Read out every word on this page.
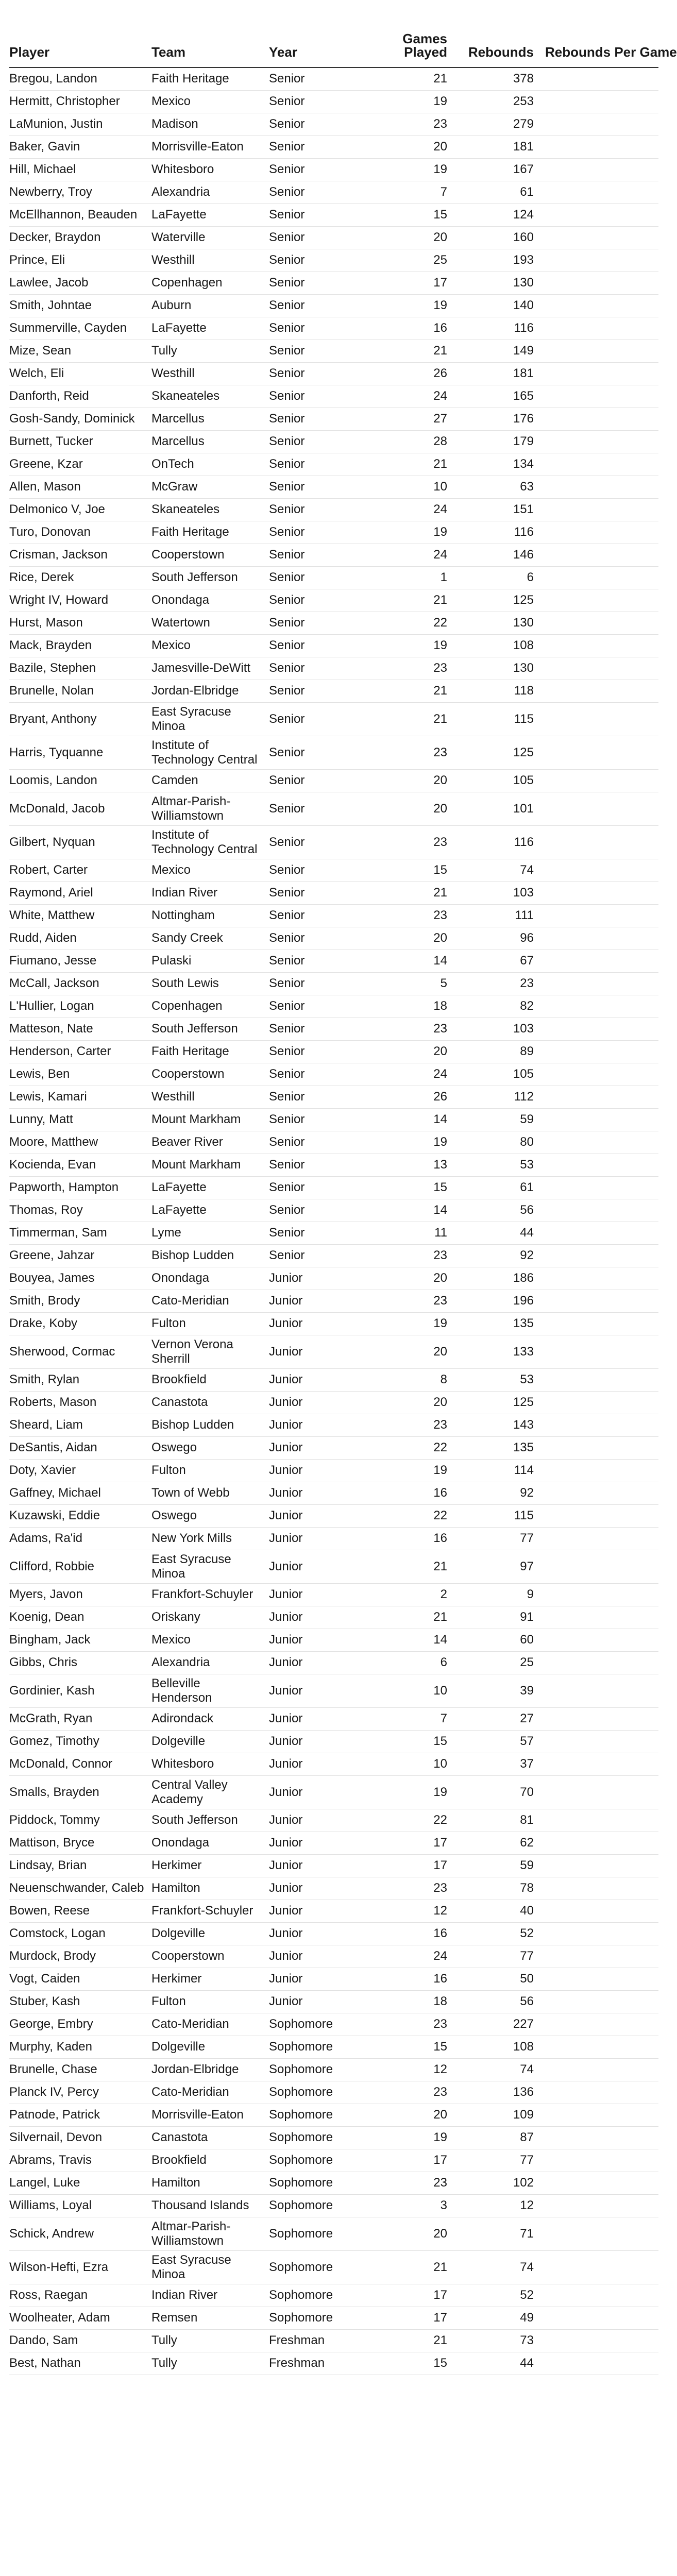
Player	Team	Year	Games Played	Rebounds	Rebounds Per Game
Bregou, Landon	Faith Heritage	Senior	21	378	
Hermitt, Christopher	Mexico	Senior	19	253	
LaMunion, Justin	Madison	Senior	23	279	
Baker, Gavin	Morrisville-Eaton	Senior	20	181	
Hill, Michael	Whitesboro	Senior	19	167	
Newberry, Troy	Alexandria	Senior	7	61	
McEllhannon, Beauden	LaFayette	Senior	15	124	
Decker, Braydon	Waterville	Senior	20	160	
Prince, Eli	Westhill	Senior	25	193	
Lawlee, Jacob	Copenhagen	Senior	17	130	
Smith, Johntae	Auburn	Senior	19	140	
Summerville, Cayden	LaFayette	Senior	16	116	
Mize, Sean	Tully	Senior	21	149	
Welch, Eli	Westhill	Senior	26	181	
Danforth, Reid	Skaneateles	Senior	24	165	
Gosh-Sandy, Dominick	Marcellus	Senior	27	176	
Burnett, Tucker	Marcellus	Senior	28	179	
Greene, Kzar	OnTech	Senior	21	134	
Allen, Mason	McGraw	Senior	10	63	
Delmonico V, Joe	Skaneateles	Senior	24	151	
Turo, Donovan	Faith Heritage	Senior	19	116	
Crisman, Jackson	Cooperstown	Senior	24	146	
Rice, Derek	South Jefferson	Senior	1	6	
Wright IV, Howard	Onondaga	Senior	21	125	
Hurst, Mason	Watertown	Senior	22	130	
Mack, Brayden	Mexico	Senior	19	108	
Bazile, Stephen	Jamesville-DeWitt	Senior	23	130	
Brunelle, Nolan	Jordan-Elbridge	Senior	21	118	
Bryant, Anthony	East Syracuse Minoa	Senior	21	115	
Harris, Tyquanne	Institute of Technology Central	Senior	23	125	
Loomis, Landon	Camden	Senior	20	105	
McDonald, Jacob	Altmar-Parish-Williamstown	Senior	20	101	
Gilbert, Nyquan	Institute of Technology Central	Senior	23	116	
Robert, Carter	Mexico	Senior	15	74	
Raymond, Ariel	Indian River	Senior	21	103	
White, Matthew	Nottingham	Senior	23	111	
Rudd, Aiden	Sandy Creek	Senior	20	96	
Fiumano, Jesse	Pulaski	Senior	14	67	
McCall, Jackson	South Lewis	Senior	5	23	
L'Hullier, Logan	Copenhagen	Senior	18	82	
Matteson, Nate	South Jefferson	Senior	23	103	
Henderson, Carter	Faith Heritage	Senior	20	89	
Lewis, Ben	Cooperstown	Senior	24	105	
Lewis, Kamari	Westhill	Senior	26	112	
Lunny, Matt	Mount Markham	Senior	14	59	
Moore, Matthew	Beaver River	Senior	19	80	
Kocienda, Evan	Mount Markham	Senior	13	53	
Papworth, Hampton	LaFayette	Senior	15	61	
Thomas, Roy	LaFayette	Senior	14	56	
Timmerman, Sam	Lyme	Senior	11	44	
Greene, Jahzar	Bishop Ludden	Senior	23	92	
Bouyea, James	Onondaga	Junior	20	186	
Smith, Brody	Cato-Meridian	Junior	23	196	
Drake, Koby	Fulton	Junior	19	135	
Sherwood, Cormac	Vernon Verona Sherrill	Junior	20	133	
Smith, Rylan	Brookfield	Junior	8	53	
Roberts, Mason	Canastota	Junior	20	125	
Sheard, Liam	Bishop Ludden	Junior	23	143	
DeSantis, Aidan	Oswego	Junior	22	135	
Doty, Xavier	Fulton	Junior	19	114	
Gaffney, Michael	Town of Webb	Junior	16	92	
Kuzawski, Eddie	Oswego	Junior	22	115	
Adams, Ra'id	New York Mills	Junior	16	77	
Clifford, Robbie	East Syracuse Minoa	Junior	21	97	
Myers, Javon	Frankfort-Schuyler	Junior	2	9	
Koenig, Dean	Oriskany	Junior	21	91	
Bingham, Jack	Mexico	Junior	14	60	
Gibbs, Chris	Alexandria	Junior	6	25	
Gordinier, Kash	Belleville Henderson	Junior	10	39	
McGrath, Ryan	Adirondack	Junior	7	27	
Gomez, Timothy	Dolgeville	Junior	15	57	
McDonald, Connor	Whitesboro	Junior	10	37	
Smalls, Brayden	Central Valley Academy	Junior	19	70	
Piddock, Tommy	South Jefferson	Junior	22	81	
Mattison, Bryce	Onondaga	Junior	17	62	
Lindsay, Brian	Herkimer	Junior	17	59	
Neuenschwander, Caleb	Hamilton	Junior	23	78	
Bowen, Reese	Frankfort-Schuyler	Junior	12	40	
Comstock, Logan	Dolgeville	Junior	16	52	
Murdock, Brody	Cooperstown	Junior	24	77	
Vogt, Caiden	Herkimer	Junior	16	50	
Stuber, Kash	Fulton	Junior	18	56	
George, Embry	Cato-Meridian	Sophomore	23	227	
Murphy, Kaden	Dolgeville	Sophomore	15	108	
Brunelle, Chase	Jordan-Elbridge	Sophomore	12	74	
Planck IV, Percy	Cato-Meridian	Sophomore	23	136	
Patnode, Patrick	Morrisville-Eaton	Sophomore	20	109	
Silvernail, Devon	Canastota	Sophomore	19	87	
Abrams, Travis	Brookfield	Sophomore	17	77	
Langel, Luke	Hamilton	Sophomore	23	102	
Williams, Loyal	Thousand Islands	Sophomore	3	12	
Schick, Andrew	Altmar-Parish-Williamstown	Sophomore	20	71	
Wilson-Hefti, Ezra	East Syracuse Minoa	Sophomore	21	74	
Ross, Raegan	Indian River	Sophomore	17	52	
Woolheater, Adam	Remsen	Sophomore	17	49	
Dando, Sam	Tully	Freshman	21	73	
Best, Nathan	Tully	Freshman	15	44	
